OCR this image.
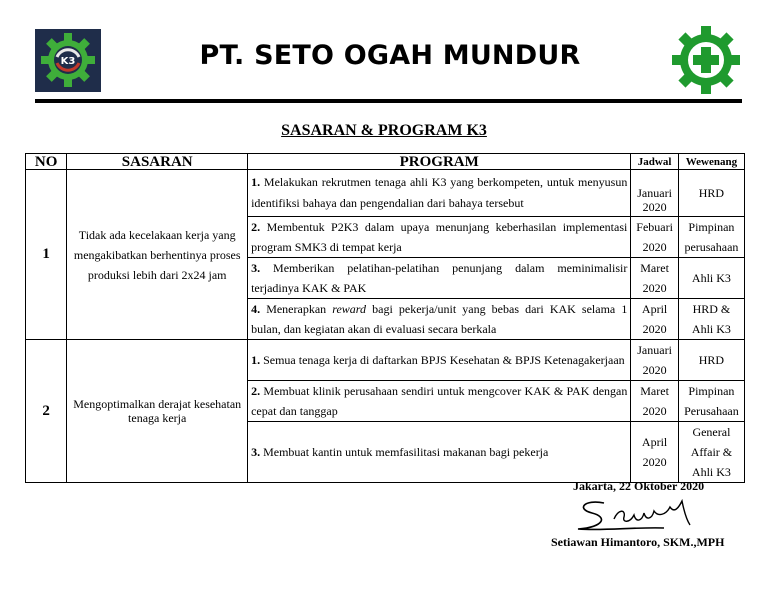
K3	PT. SETO OGAH MUNDUR
SASARAN & PROGRAM K3
NO	SASARAN	PROGRAM	Jadwal	Wewenang
1	Tidak ada kecelakaan kerja yang mengakibatkan berhentinya proses produksi lebih dari 2x24 jam	1. Melakukan rekrutmen tenaga ahli K3 yang berkompeten, untuk menyusun identifiksi bahaya dan pengendalian dari bahaya tersebut	Januari 2020	HRD
		2. Membentuk P2K3 dalam upaya menunjang keberhasilan implementasi program SMK3 di tempat kerja	Febuari 2020	Pimpinan perusahaan
		3. Memberikan pelatihan-pelatihan penunjang dalam meminimalisir terjadinya KAK & PAK	Maret 2020	Ahli K3
		4. Menerapkan reward bagi pekerja/unit yang bebas dari KAK selama 1 bulan, dan kegiatan akan di evaluasi secara berkala	April 2020	HRD & Ahli K3
2	Mengoptimalkan derajat kesehatan tenaga kerja	1. Semua tenaga kerja di daftarkan BPJS Kesehatan & BPJS Ketenagakerjaan	Januari 2020	HRD
		2. Membuat klinik perusahaan sendiri untuk mengcover KAK & PAK dengan cepat dan tanggap	Maret 2020	Pimpinan Perusahaan
		3. Membuat kantin untuk memfasilitasi makanan bagi pekerja	April 2020	General Affair & Ahli K3
Jakarta, 22 Oktober 2020
Setiawan Himantoro, SKM.,MPH
